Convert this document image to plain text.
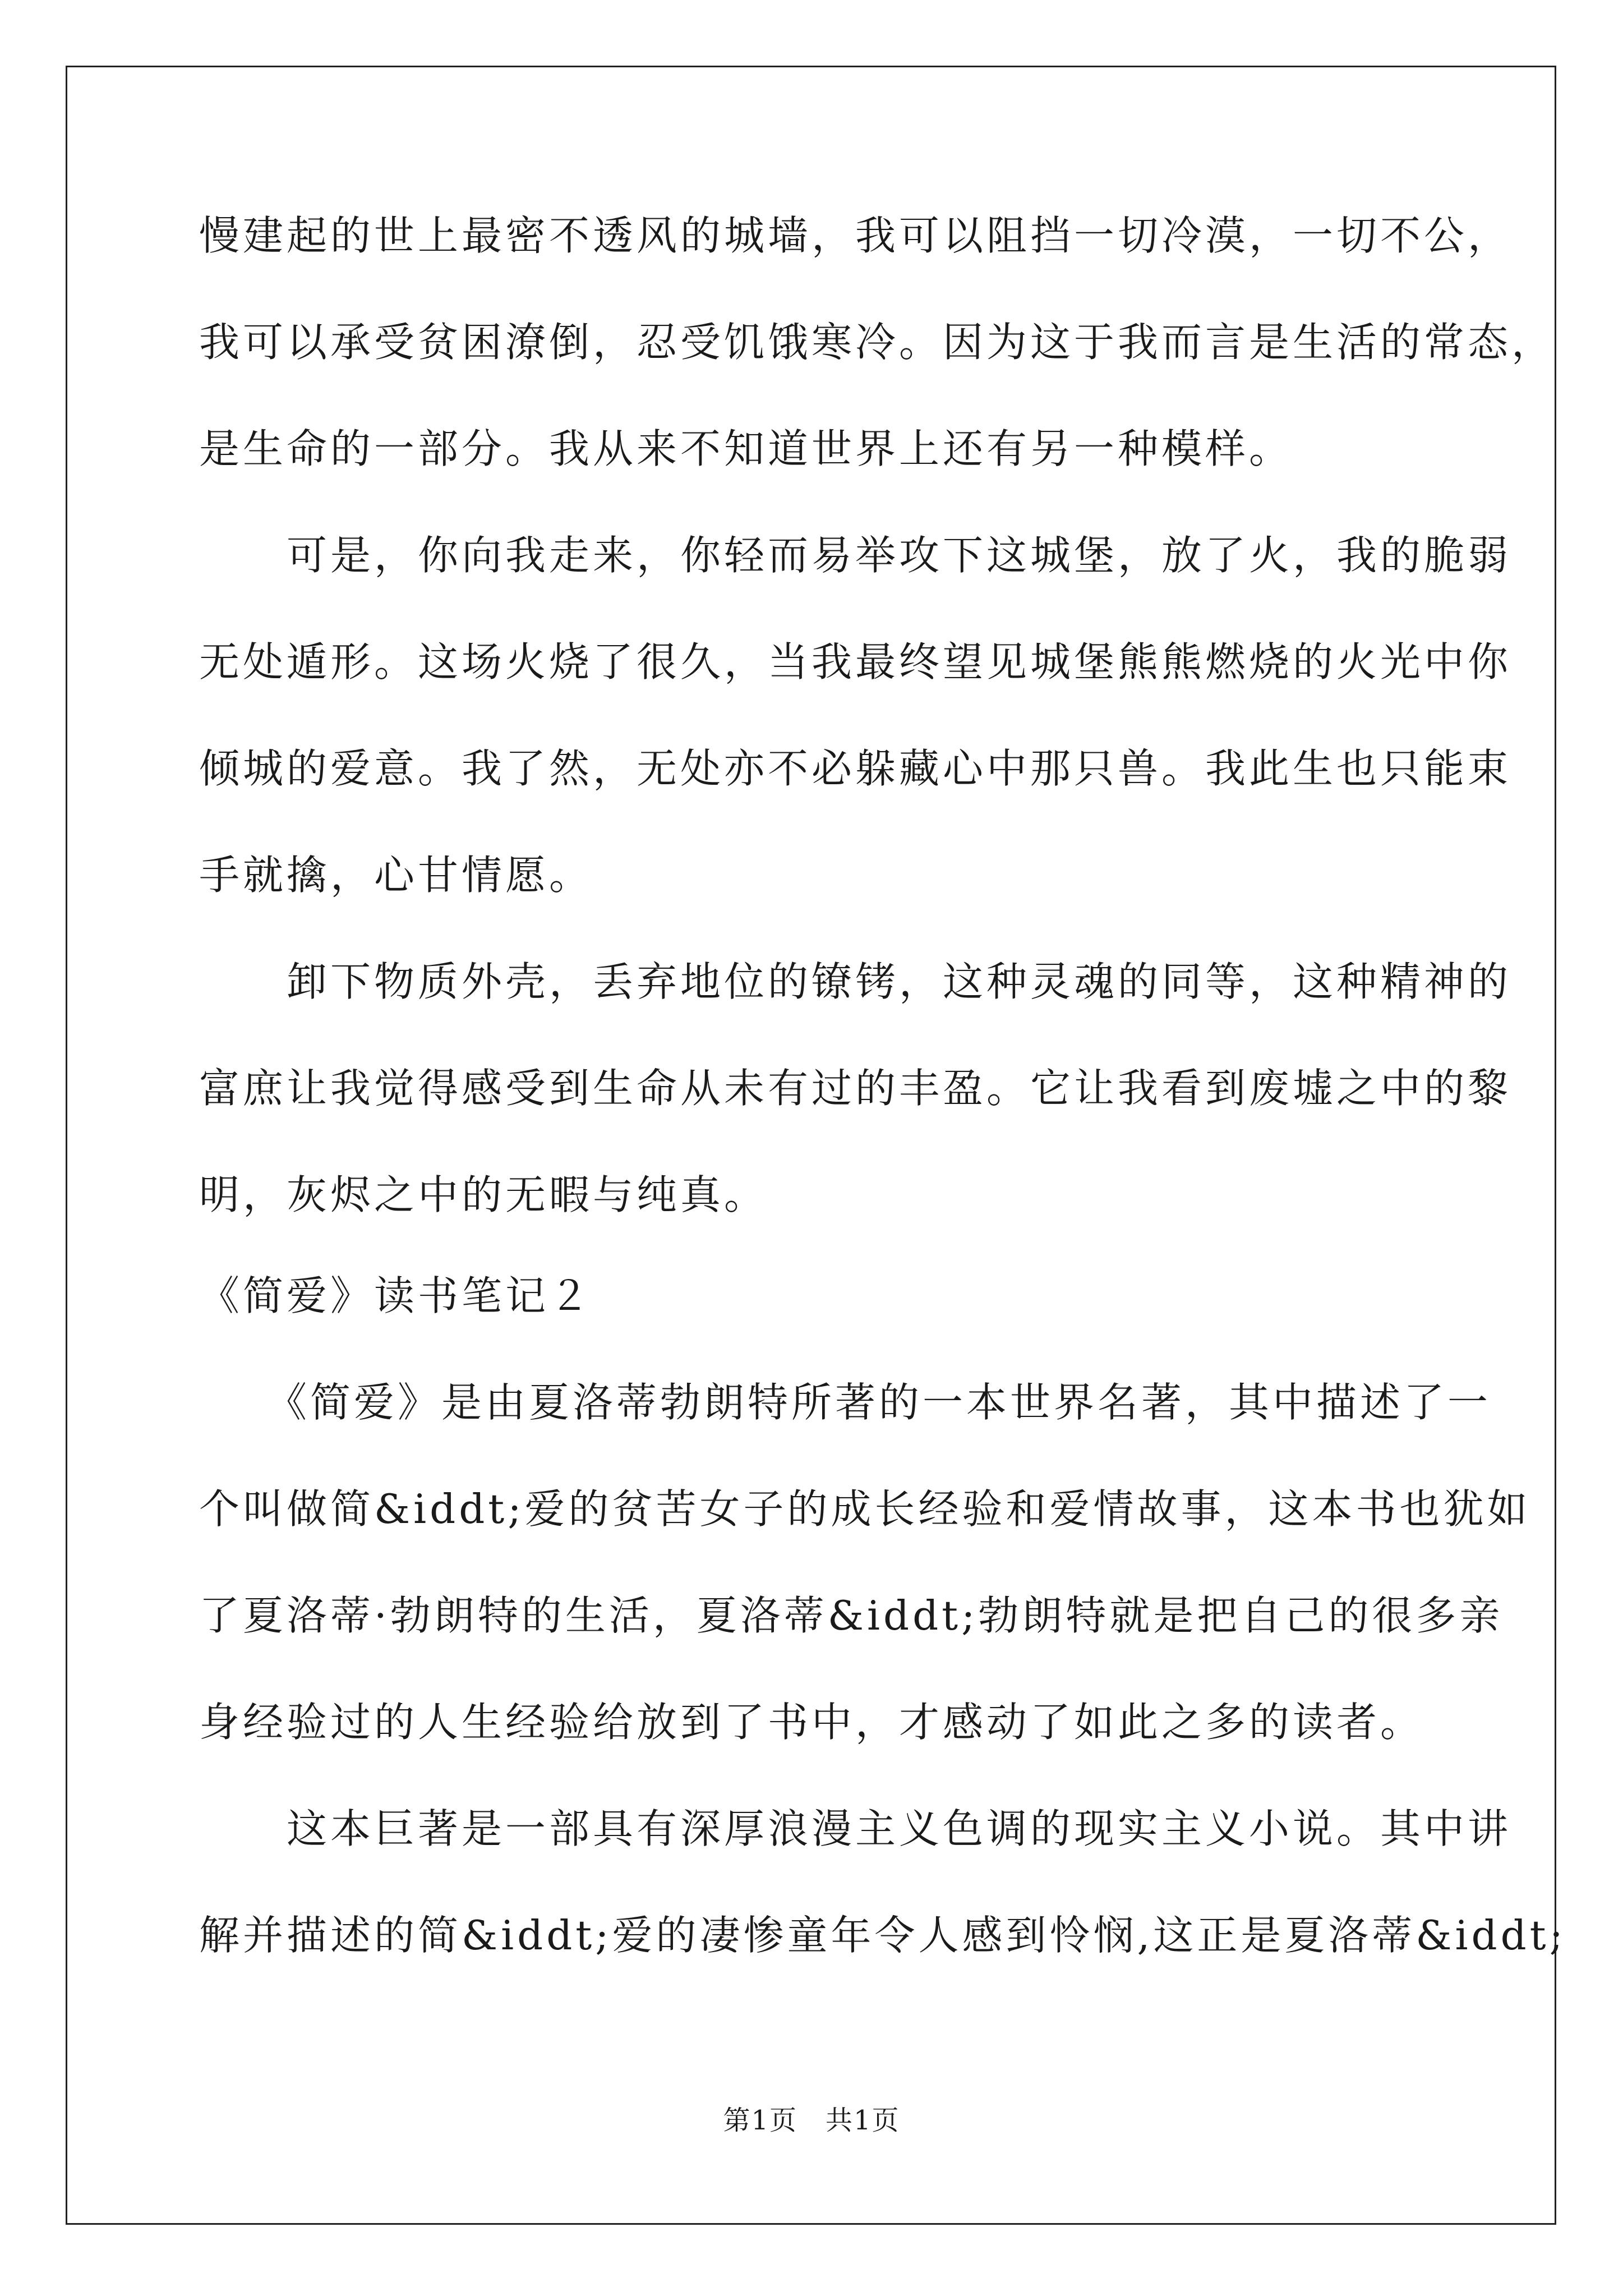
慢建起的世上最密不透风的城墙，我可以阻挡一切冷漠，一切不公，
我可以承受贫困潦倒，忍受饥饿寒冷。因为这于我而言是生活的常态，
是生命的一部分。我从来不知道世界上还有另一种模样。
　　可是，你向我走来，你轻而易举攻下这城堡，放了火，我的脆弱
无处遁形。这场火烧了很久，当我最终望见城堡熊熊燃烧的火光中你
倾城的爱意。我了然，无处亦不必躲藏心中那只兽。我此生也只能束
手就擒，心甘情愿。
　　卸下物质外壳，丢弃地位的镣铐，这种灵魂的同等，这种精神的
富庶让我觉得感受到生命从未有过的丰盈。它让我看到废墟之中的黎
明，灰烬之中的无暇与纯真。
《简爱》读书笔记２
　　《简爱》是由夏洛蒂勃朗特所著的一本世界名著，其中描述了一
个叫做简&iddt;爱的贫苦女子的成长经验和爱情故事，这本书也犹如
了夏洛蒂·勃朗特的生活，夏洛蒂&iddt;勃朗特就是把自己的很多亲
身经验过的人生经验给放到了书中，才感动了如此之多的读者。
　　这本巨著是一部具有深厚浪漫主义色调的现实主义小说。其中讲
解并描述的简&iddt;爱的凄惨童年令人感到怜悯,这正是夏洛蒂&iddt;
第1页　共1页
